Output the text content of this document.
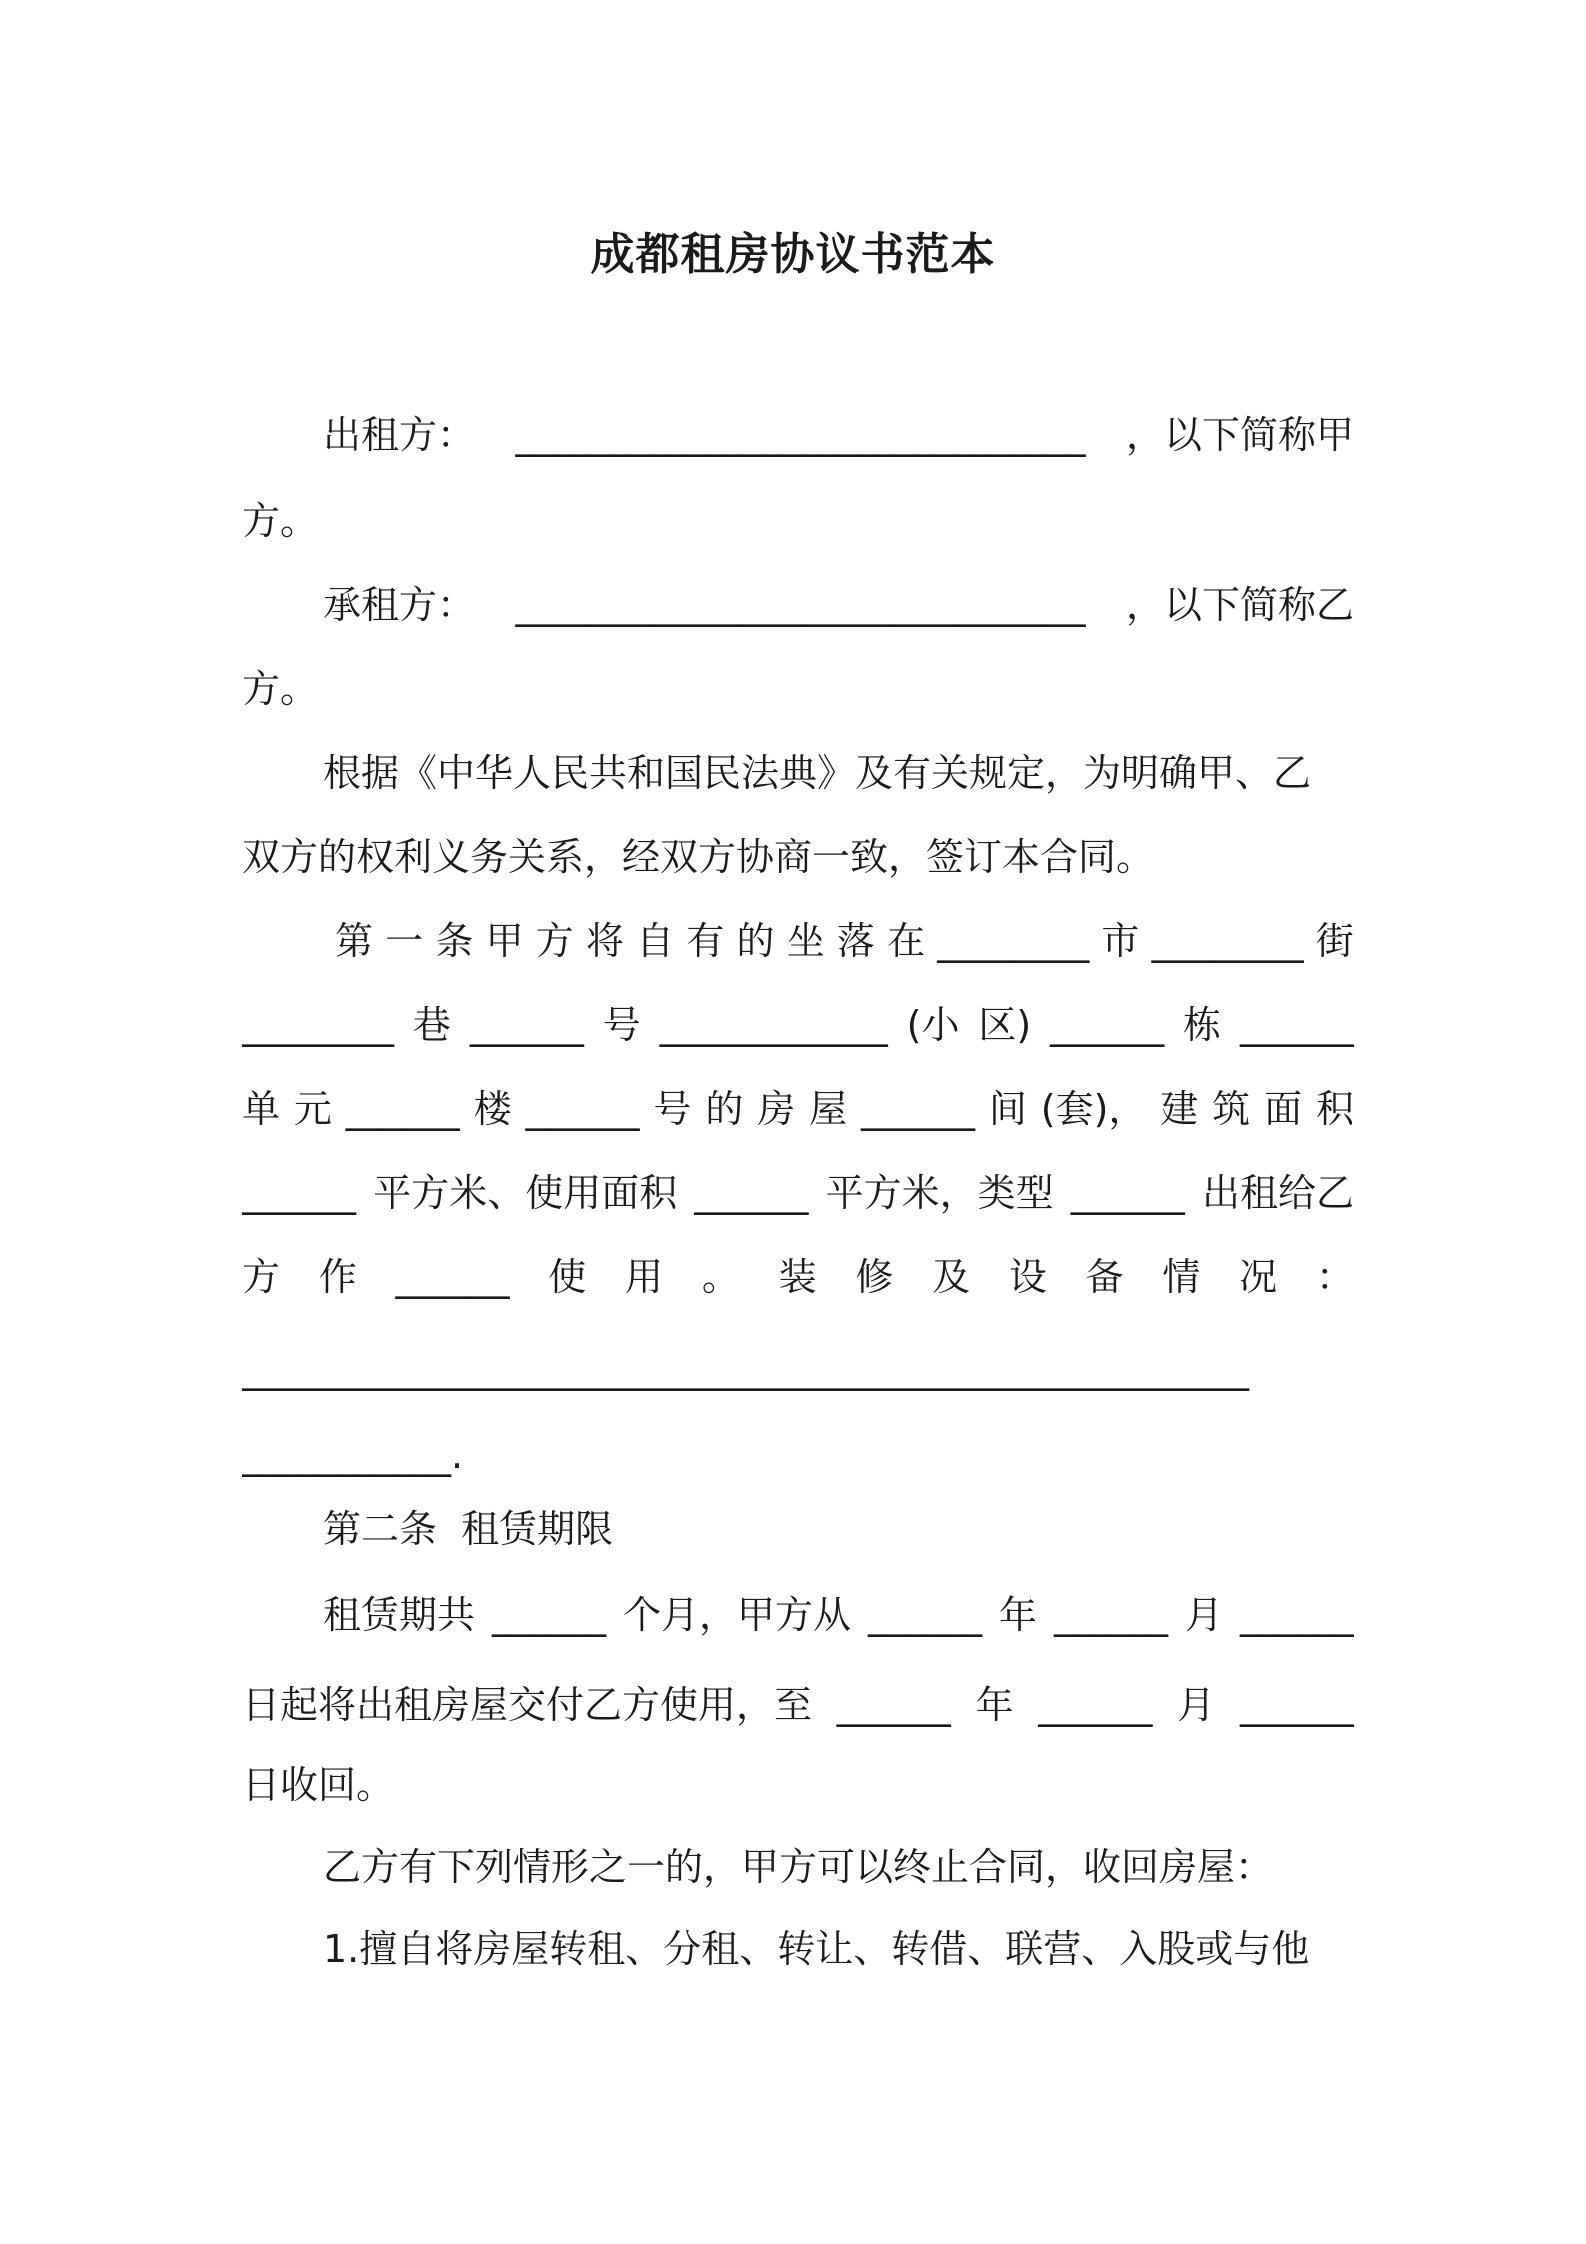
成都租房协议书范本
出租方： ______________________________ ，以下简称甲
方。
承租方： ______________________________ ，以下简称乙
方。
根据《中华人民共和国民法典》及有关规定，为明确甲、乙
双方的权利义务关系，经双方协商一致，签订本合同。
第 一 条 甲 方 将 自 有 的 坐 落 在 ________ 市 ________ 街
________ 巷 ______ 号 ____________ (小 区) ______ 栋 ______
单 元 ______ 楼 ______ 号 的 房 屋 ______ 间 (套)， 建 筑 面 积
______ 平方米、使用面积 ______ 平方米，类型 ______ 出租给乙
方 作 ______ 使 用 。 装 修 及 设 备 情 况 ：
_____________________________________________________
___________.
第二条  租赁期限
租赁期共 ______ 个月，甲方从 ______ 年 ______ 月 ______
日起将出租房屋交付乙方使用，至 ______ 年 ______ 月 ______
日收回。
乙方有下列情形之一的，甲方可以终止合同，收回房屋：
1.擅自将房屋转租、分租、转让、转借、联营、入股或与他
